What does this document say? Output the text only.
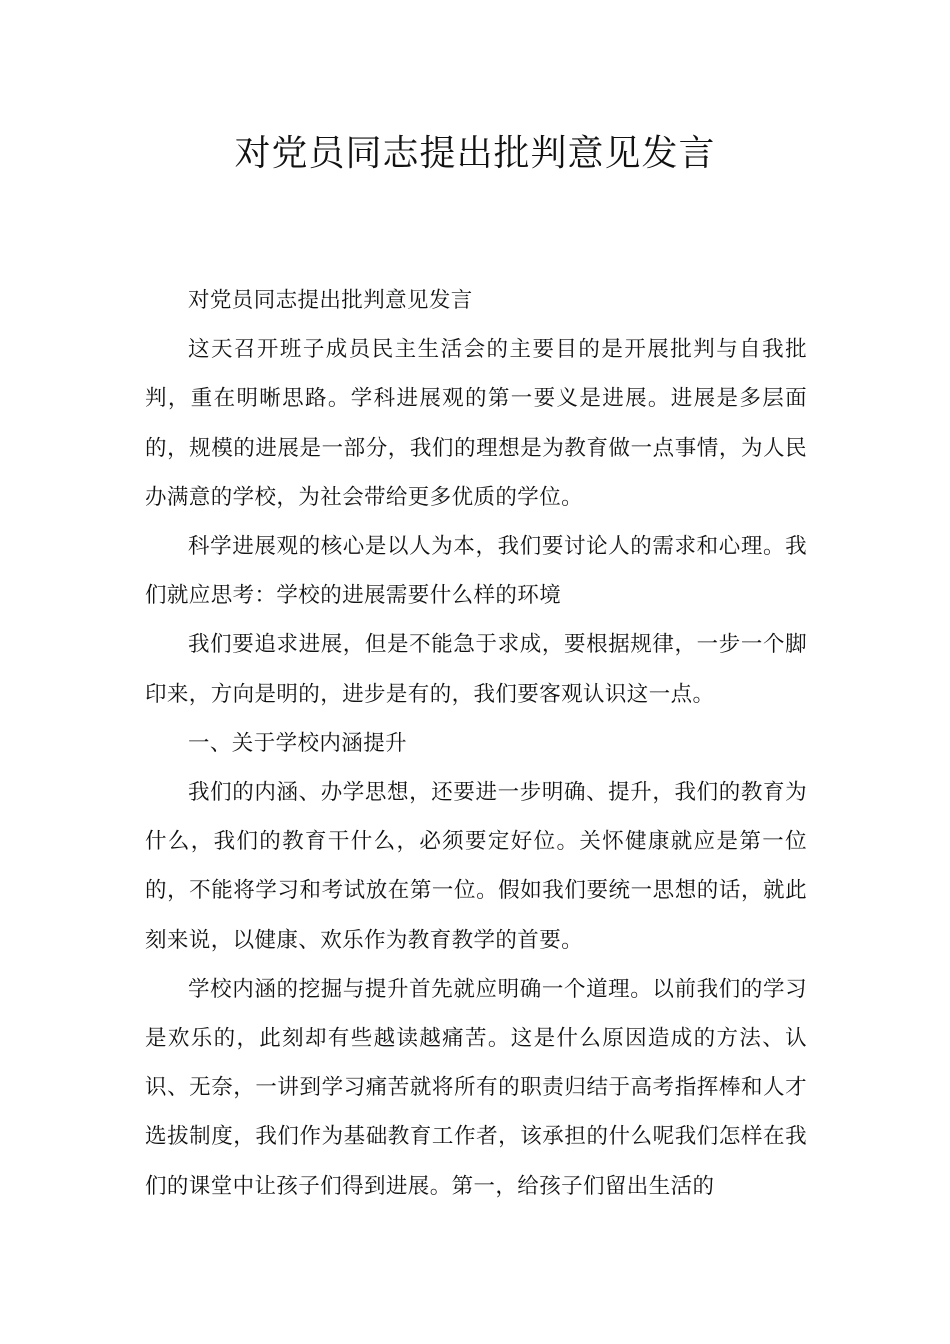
对党员同志提出批判意见发言

对党员同志提出批判意见发言

这天召开班子成员民主生活会的主要目的是开展批判与自我批判，重在明晰思路。学科进展观的第一要义是进展。进展是多层面的，规模的进展是一部分，我们的理想是为教育做一点事情，为人民办满意的学校，为社会带给更多优质的学位。

科学进展观的核心是以人为本，我们要讨论人的需求和心理。我们就应思考：学校的进展需要什么样的环境

我们要追求进展，但是不能急于求成，要根据规律，一步一个脚印来，方向是明的，进步是有的，我们要客观认识这一点。

一、关于学校内涵提升

我们的内涵、办学思想，还要进一步明确、提升，我们的教育为什么，我们的教育干什么，必须要定好位。关怀健康就应是第一位的，不能将学习和考试放在第一位。假如我们要统一思想的话，就此刻来说，以健康、欢乐作为教育教学的首要。

学校内涵的挖掘与提升首先就应明确一个道理。以前我们的学习是欢乐的，此刻却有些越读越痛苦。这是什么原因造成的方法、认识、无奈，一讲到学习痛苦就将所有的职责归结于高考指挥棒和人才选拔制度，我们作为基础教育工作者，该承担的什么呢我们怎样在我们的课堂中让孩子们得到进展。第一，给孩子们留出生活的
